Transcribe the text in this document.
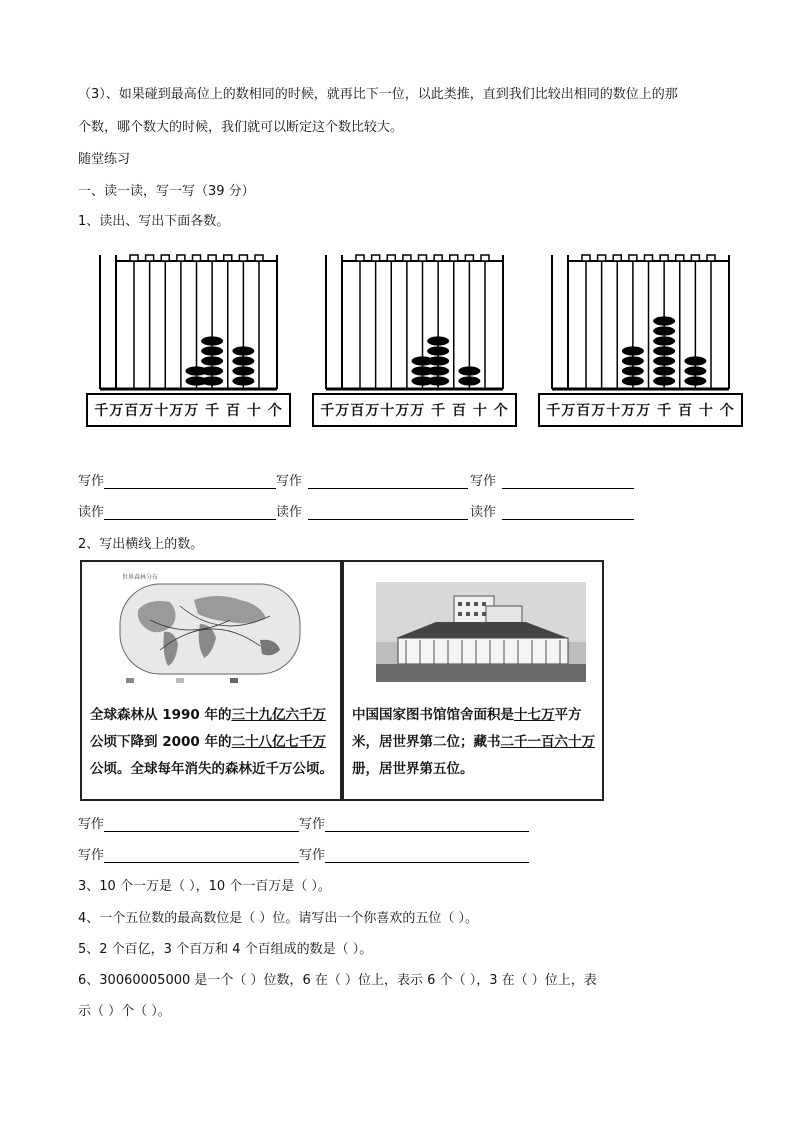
（3）、如果碰到最高位上的数相同的时候，就再比下一位，以此类推，直到我们比较出相同的数位上的那
个数，哪个数大的时候，我们就可以断定这个数比较大。
随堂练习
一、读一读，写一写（39 分）
1、读出、写出下面各数。
千万百万十万万 千 百 十 个	千万百万十万万 千 百 十 个	千万百万十万万 千 百 十 个
写作	写作	写作
读作	读作	读作
2、写出横线上的数。
世界森林分布
全球森林从 1990 年的三十九亿六千万公顷下降到 2000 年的二十八亿七千万公顷。全球每年消失的森林近千万公顷。
中国国家图书馆馆舍面积是十七万平方米，居世界第二位；藏书二千一百六十万册，居世界第五位。
写作	写作
写作	写作
3、10 个一万是（ ），10 个一百万是（ ）。
4、一个五位数的最高数位是（ ）位。请写出一个你喜欢的五位（ ）。
5、2 个百亿，3 个百万和 4 个百组成的数是（ ）。
6、30060005000 是一个（ ）位数，6 在（ ）位上，表示 6 个（ ），3 在（ ）位上，表
示（ ）个（ ）。
